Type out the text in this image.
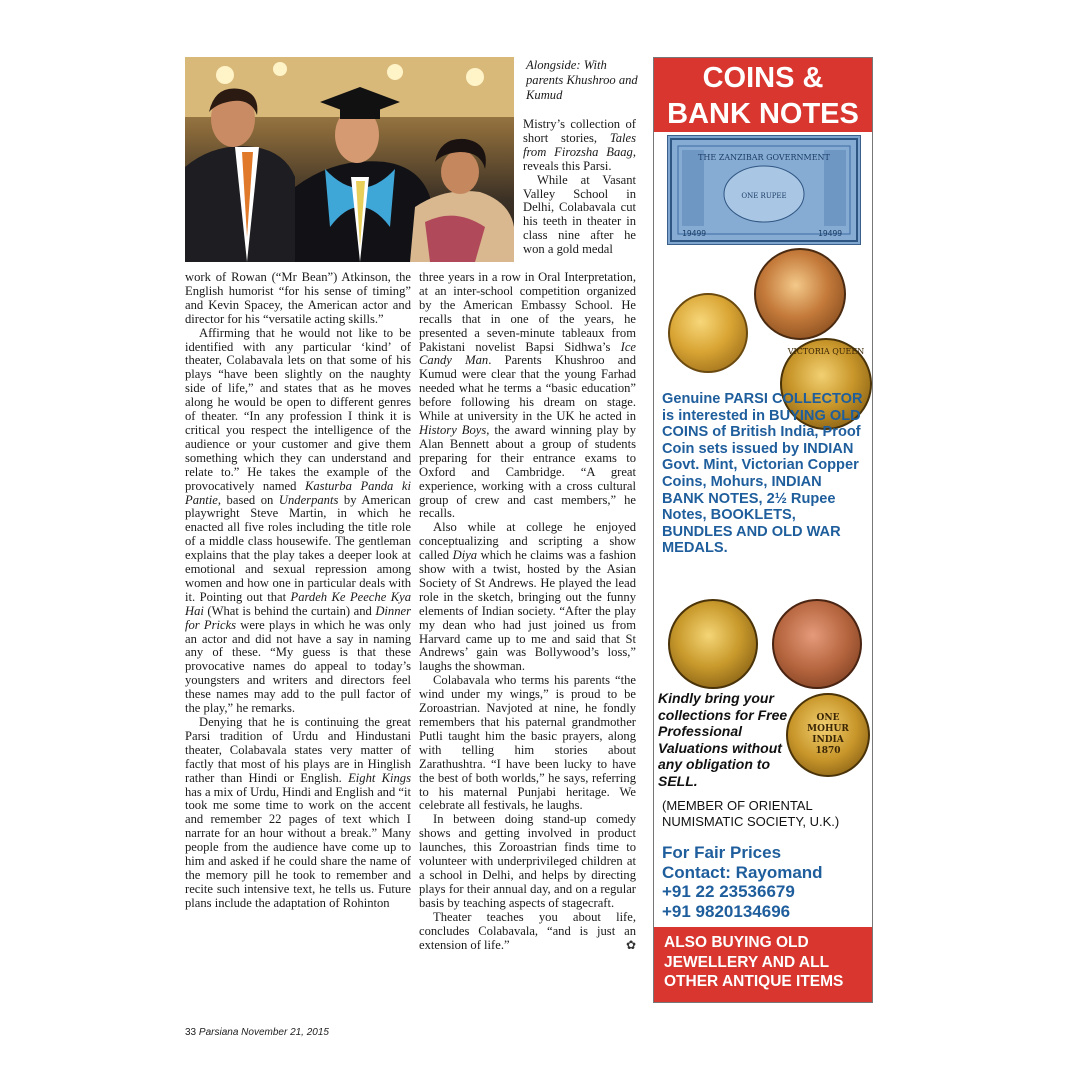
Alongside: With parents Khushroo and Kumud

Mistry’s collection of short stories, Tales from Firozsha Baag, reveals this Parsi.

While at Vasant Valley School in Delhi, Colabavala cut his teeth in theater in class nine after he won a gold medal

work of Rowan (“Mr Bean”) Atkinson, the English humorist “for his sense of timing” and Kevin Spacey, the American actor and director for his “versatile acting skills.”

Affirming that he would not like to be identified with any particular ‘kind’ of theater, Colabavala lets on that some of his plays “have been slightly on the naughty side of life,” and states that as he moves along he would be open to different genres of theater. “In any profession I think it is critical you respect the intelligence of the audience or your customer and give them something which they can understand and relate to.” He takes the example of the provocatively named Kasturba Panda ki Pantie, based on Underpants by American playwright Steve Martin, in which he enacted all five roles including the title role of a middle class housewife. The gentleman explains that the play takes a deeper look at emotional and sexual repression among women and how one in particular deals with it. Pointing out that Pardeh Ke Peeche Kya Hai (What is behind the curtain) and Dinner for Pricks were plays in which he was only an actor and did not have a say in naming any of these. “My guess is that these provocative names do appeal to today’s youngsters and writers and directors feel these names may add to the pull factor of the play,” he remarks.

Denying that he is continuing the great Parsi tradition of Urdu and Hindustani theater, Colabavala states very matter of factly that most of his plays are in Hinglish rather than Hindi or English. Eight Kings has a mix of Urdu, Hindi and English and “it took me some time to work on the accent and remember 22 pages of text which I narrate for an hour without a break.” Many people from the audience have come up to him and asked if he could share the name of the memory pill he took to remember and recite such intensive text, he tells us. Future plans include the adaptation of Rohinton

three years in a row in Oral Interpretation, at an inter-school competition organized by the American Embassy School. He recalls that in one of the years, he presented a seven-minute tableaux from Pakistani novelist Bapsi Sidhwa’s Ice Candy Man. Parents Khushroo and Kumud were clear that the young Farhad needed what he terms a “basic education” before following his dream on stage. While at university in the UK he acted in History Boys, the award winning play by Alan Bennett about a group of students preparing for their entrance exams to Oxford and Cambridge. “A great experience, working with a cross cultural group of crew and cast members,” he recalls.

Also while at college he enjoyed conceptualizing and scripting a show called Diya which he claims was a fashion show with a twist, hosted by the Asian Society of St Andrews. He played the lead role in the sketch, bringing out the funny elements of Indian society. “After the play my dean who had just joined us from Harvard came up to me and said that St Andrews’ gain was Bollywood’s loss,” laughs the showman.

Colabavala who terms his parents “the wind under my wings,” is proud to be Zoroastrian. Navjoted at nine, he fondly remembers that his paternal grandmother Putli taught him the basic prayers, along with telling him stories about Zarathushtra. “I have been lucky to have the best of both worlds,” he says, referring to his maternal Punjabi heritage. We celebrate all festivals, he laughs.

In between doing stand-up comedy shows and getting involved in product launches, this Zoroastrian finds time to volunteer with underprivileged children at a school in Delhi, and helps by directing plays for their annual day, and on a regular basis by teaching aspects of stagecraft.

Theater teaches you about life, concludes Colabavala, “and is just an extension of life.”	✿
COINS &
BANK NOTES
THE ZANZIBAR GOVERNMENT
ONE RUPEE
19499	19499
VICTORIA QUEEN
Genuine PARSI COLLECTOR is interested in BUYING OLD COINS of British India, Proof Coin sets issued by INDIAN Govt. Mint, Victorian Copper Coins, Mohurs, INDIAN BANK NOTES, 2½ Rupee Notes, BOOKLETS, BUNDLES AND OLD WAR MEDALS.
Kindly bring your collections for Free Professional Valuations without any obligation to SELL.
ONE
MOHUR
INDIA
1870
(MEMBER OF ORIENTAL NUMISMATIC SOCIETY, U.K.)
For Fair Prices
Contact: Rayomand
+91 22 23536679
+91 9820134696
ALSO BUYING OLD JEWELLERY AND ALL OTHER ANTIQUE ITEMS
33 Parsiana November 21, 2015
